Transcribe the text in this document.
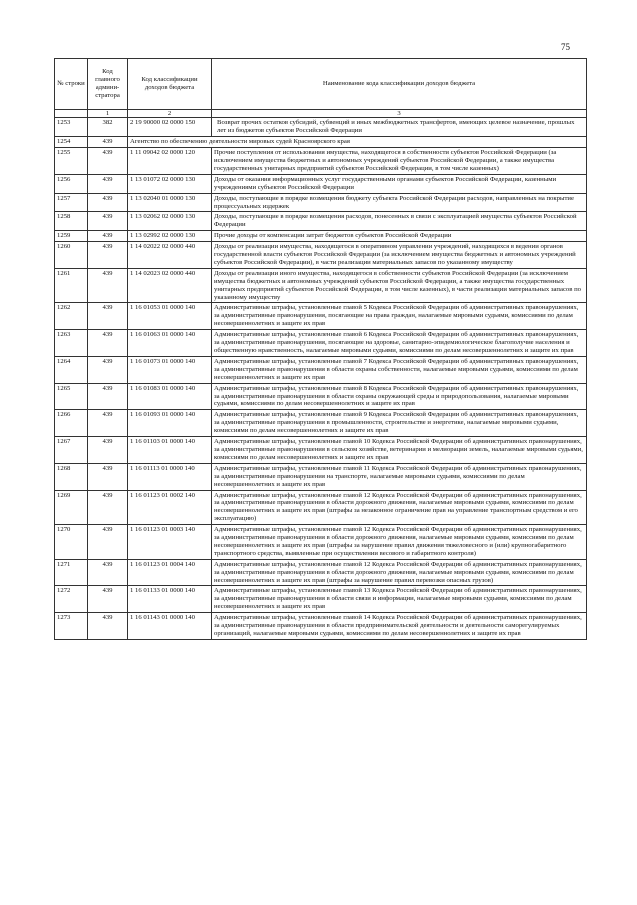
75
№ строки	Код главного админи-стратора	Код классификации доходов бюджета	Наименование кода классификации доходов бюджета
	1	2	3
1253	382	2 19 90000 02 0000 150	Возврат прочих остатков субсидий, субвенций и иных межбюджетных трансфертов, имеющих целевое назначение, прошлых лет из бюджетов субъектов Российской Федерации
1254	439	Агентство по обеспечению деятельности мировых судей Красноярского края	
1255	439	1 11 09042 02 0000 120	Прочие поступления от использования имущества, находящегося в собственности субъектов Российской Федерации (за исключением имущества бюджетных и автономных учреждений субъектов Российской Федерации, а также имущества государственных унитарных предприятий субъектов Российской Федерации, в том числе казенных)
1256	439	1 13 01072 02 0000 130	Доходы от оказания информационных услуг государственными органами субъектов Российской Федерации, казенными учреждениями субъектов Российской Федерации
1257	439	1 13 02040 01 0000 130	Доходы, поступающие в порядке возмещения бюджету субъекта Российской Федерации расходов, направленных на покрытие процессуальных издержек
1258	439	1 13 02062 02 0000 130	Доходы, поступающие в порядке возмещения расходов, понесенных в связи с эксплуатацией имущества субъектов Российской Федерации
1259	439	1 13 02992 02 0000 130	Прочие доходы от компенсации затрат бюджетов субъектов Российской Федерации
1260	439	1 14 02022 02 0000 440	Доходы от реализации имущества, находящегося в оперативном управлении учреждений, находящихся в ведении органов государственной власти субъектов Российской Федерации (за исключением имущества бюджетных и автономных учреждений субъектов Российской Федерации), в части реализации материальных запасов по указанному имуществу
1261	439	1 14 02023 02 0000 440	Доходы от реализации иного имущества, находящегося в собственности субъектов Российской Федерации (за исключением имущества бюджетных и автономных учреждений субъектов Российской Федерации, а также имущества государственных унитарных предприятий субъектов Российской Федерации, в том числе казенных), в части реализации материальных запасов по указанному имуществу
1262	439	1 16 01053 01 0000 140	Административные штрафы, установленные главой 5 Кодекса Российской Федерации об административных правонарушениях, за административные правонарушения, посягающие на права граждан, налагаемые мировыми судьями, комиссиями по делам несовершеннолетних и защите их прав
1263	439	1 16 01063 01 0000 140	Административные штрафы, установленные главой 6 Кодекса Российской Федерации об административных правонарушениях, за административные правонарушения, посягающие на здоровье, санитарно-эпидемиологическое благополучие населения и общественную нравственность, налагаемые мировыми судьями, комиссиями по делам несовершеннолетних и защите их прав
1264	439	1 16 01073 01 0000 140	Административные штрафы, установленные главой 7 Кодекса Российской Федерации об административных правонарушениях, за административные правонарушения в области охраны собственности, налагаемые мировыми судьями, комиссиями по делам несовершеннолетних и защите их прав
1265	439	1 16 01083 01 0000 140	Административные штрафы, установленные главой 8 Кодекса Российской Федерации об административных правонарушениях, за административные правонарушения в области охраны окружающей среды и природопользования, налагаемые мировыми судьями, комиссиями по делам несовершеннолетних и защите их прав
1266	439	1 16 01093 01 0000 140	Административные штрафы, установленные главой 9 Кодекса Российской Федерации об административных правонарушениях, за административные правонарушения в промышленности, строительстве и энергетике, налагаемые мировыми судьями, комиссиями по делам несовершеннолетних и защите их прав
1267	439	1 16 01103 01 0000 140	Административные штрафы, установленные главой 10 Кодекса Российской Федерации об административных правонарушениях, за административные правонарушения в сельском хозяйстве, ветеринарии и мелиорации земель, налагаемые мировыми судьями, комиссиями по делам несовершеннолетних и защите их прав
1268	439	1 16 01113 01 0000 140	Административные штрафы, установленные главой 11 Кодекса Российской Федерации об административных правонарушениях, за административные правонарушения на транспорте, налагаемые мировыми судьями, комиссиями по делам несовершеннолетних и защите их прав
1269	439	1 16 01123 01 0002 140	Административные штрафы, установленные главой 12 Кодекса Российской Федерации об административных правонарушениях, за административные правонарушения в области дорожного движения, налагаемые мировыми судьями, комиссиями по делам несовершеннолетних и защите их прав (штрафы за незаконное ограничение прав на управление транспортным средством и его эксплуатацию)
1270	439	1 16 01123 01 0003 140	Административные штрафы, установленные главой 12 Кодекса Российской Федерации об административных правонарушениях, за административные правонарушения в области дорожного движения, налагаемые мировыми судьями, комиссиями по делам несовершеннолетних и защите их прав (штрафы за нарушение правил движения тяжеловесного и (или) крупногабаритного транспортного средства, выявленные при осуществлении весового и габаритного контроля)
1271	439	1 16 01123 01 0004 140	Административные штрафы, установленные главой 12 Кодекса Российской Федерации об административных правонарушениях, за административные правонарушения в области дорожного движения, налагаемые мировыми судьями, комиссиями по делам несовершеннолетних и защите их прав (штрафы за нарушение правил перевозки опасных грузов)
1272	439	1 16 01133 01 0000 140	Административные штрафы, установленные главой 13 Кодекса Российской Федерации об административных правонарушениях, за административные правонарушения в области связи и информации, налагаемые мировыми судьями, комиссиями по делам несовершеннолетних и защите их прав
1273	439	1 16 01143 01 0000 140	Административные штрафы, установленные главой 14 Кодекса Российской Федерации об административных правонарушениях, за административные правонарушения в области предпринимательской деятельности и деятельности саморегулируемых организаций, налагаемые мировыми судьями, комиссиями по делам несовершеннолетних и защите их прав
